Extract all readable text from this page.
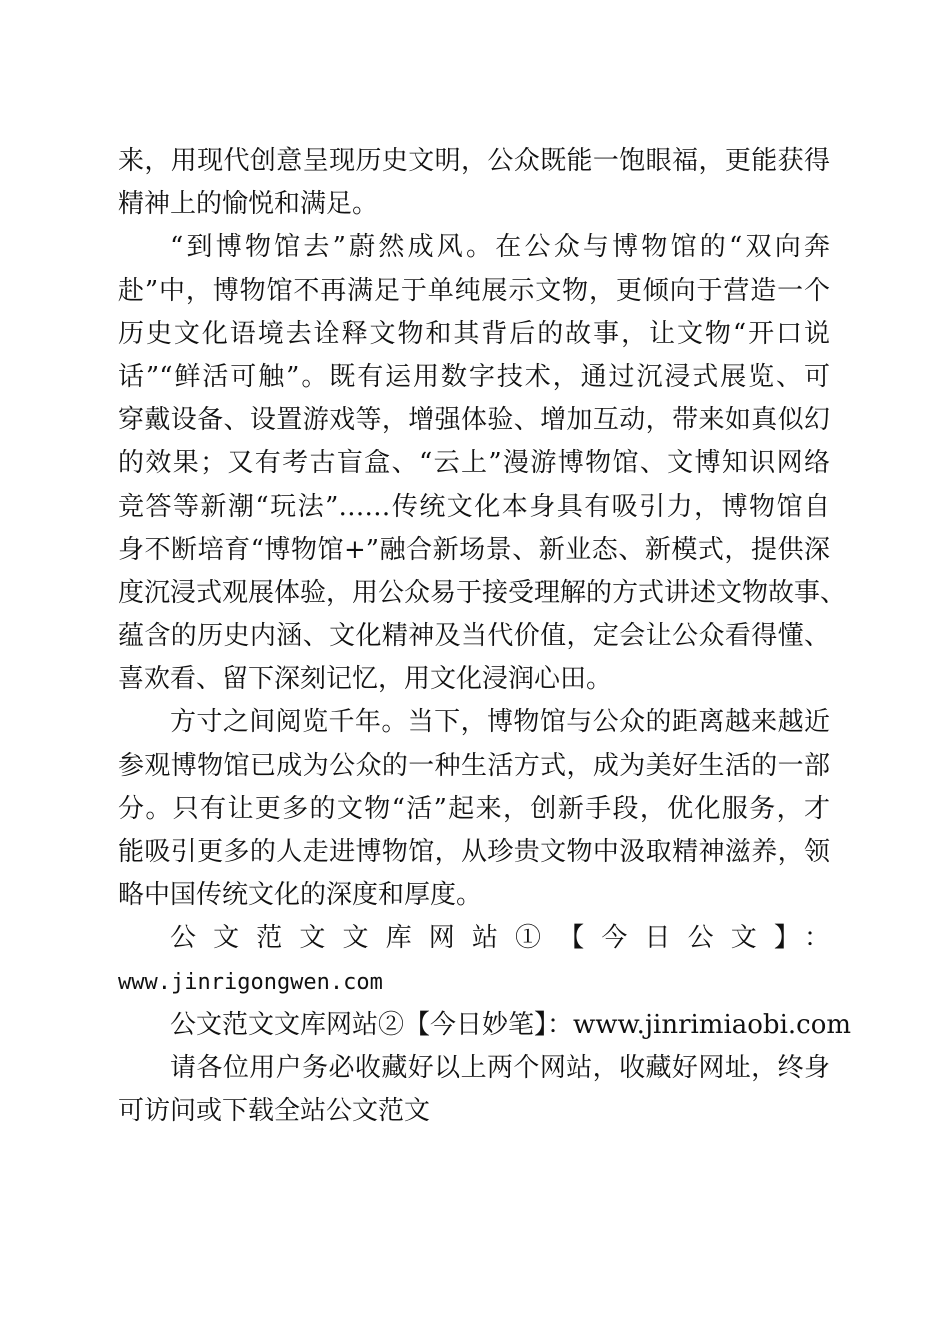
来，用现代创意呈现历史文明，公众既能一饱眼福，更能获得
精神上的愉悦和满足。
“到博物馆去”蔚然成风。在公众与博物馆的“双向奔
赴”中，博物馆不再满足于单纯展示文物，更倾向于营造一个
历史文化语境去诠释文物和其背后的故事，让文物“开口说
话”“鲜活可触”。既有运用数字技术，通过沉浸式展览、可
穿戴设备、设置游戏等，增强体验、增加互动，带来如真似幻
的效果；又有考古盲盒、“云上”漫游博物馆、文博知识网络
竞答等新潮“玩法”……传统文化本身具有吸引力，博物馆自
身不断培育“博物馆+”融合新场景、新业态、新模式，提供深
度沉浸式观展体验，用公众易于接受理解的方式讲述文物故事、
蕴含的历史内涵、文化精神及当代价值，定会让公众看得懂、
喜欢看、留下深刻记忆，用文化浸润心田。
方寸之间阅览千年。当下，博物馆与公众的距离越来越近
参观博物馆已成为公众的一种生活方式，成为美好生活的一部
分。只有让更多的文物“活”起来，创新手段，优化服务，才
能吸引更多的人走进博物馆，从珍贵文物中汲取精神滋养，领
略中国传统文化的深度和厚度。
公文范文文库网站①【今日公文】：
www.jinrigongwen.com
公文范文文库网站②【今日妙笔】：www.jinrimiaobi.com
请各位用户务必收藏好以上两个网站，收藏好网址，终身
可访问或下载全站公文范文
